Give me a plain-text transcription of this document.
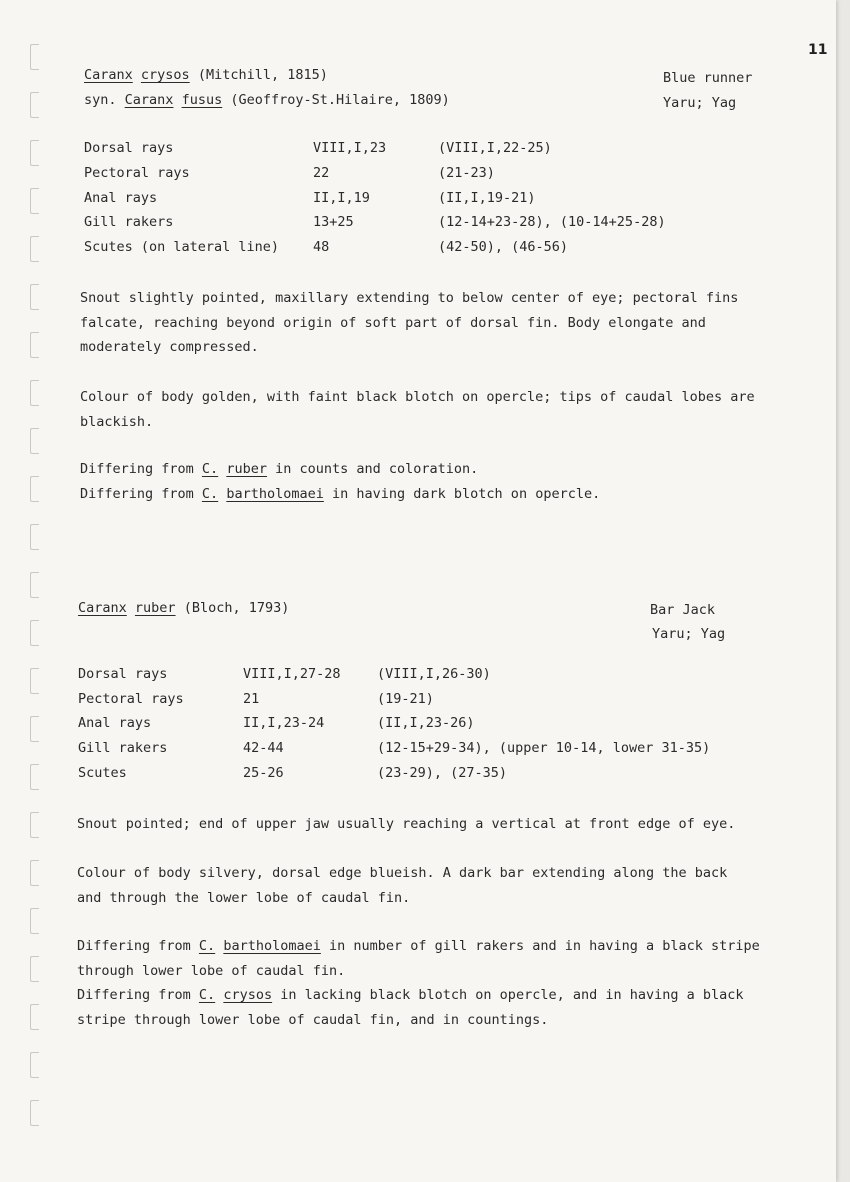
11
Caranx crysos (Mitchill, 1815)
syn. Caranx fusus (Geoffroy-St.Hilaire, 1809)
Blue runner
Yaru; Yag
Dorsal rays	VIII,I,23	(VIII,I,22-25)
Pectoral rays	22	(21-23)
Anal rays	II,I,19	(II,I,19-21)
Gill rakers	13+25	(12-14+23-28), (10-14+25-28)
Scutes (on lateral line)	48	(42-50), (46-56)
Snout slightly pointed, maxillary extending to below center of eye; pectoral fins
falcate, reaching beyond origin of soft part of dorsal fin. Body elongate and
moderately compressed.
Colour of body golden, with faint black blotch on opercle; tips of caudal lobes are
blackish.
Differing from C. ruber in counts and coloration.
Differing from C. bartholomaei in having dark blotch on opercle.
Caranx ruber (Bloch, 1793)	Bar Jack
Yaru; Yag
Dorsal rays	VIII,I,27-28	(VIII,I,26-30)
Pectoral rays	21	(19-21)
Anal rays	II,I,23-24	(II,I,23-26)
Gill rakers	42-44	(12-15+29-34), (upper 10-14, lower 31-35)
Scutes	25-26	(23-29), (27-35)
Snout pointed; end of upper jaw usually reaching a vertical at front edge of eye.
Colour of body silvery, dorsal edge blueish. A dark bar extending along the back
and through the lower lobe of caudal fin.
Differing from C. bartholomaei in number of gill rakers and in having a black stripe
through lower lobe of caudal fin.
Differing from C. crysos in lacking black blotch on opercle, and in having a black
stripe through lower lobe of caudal fin, and in countings.
